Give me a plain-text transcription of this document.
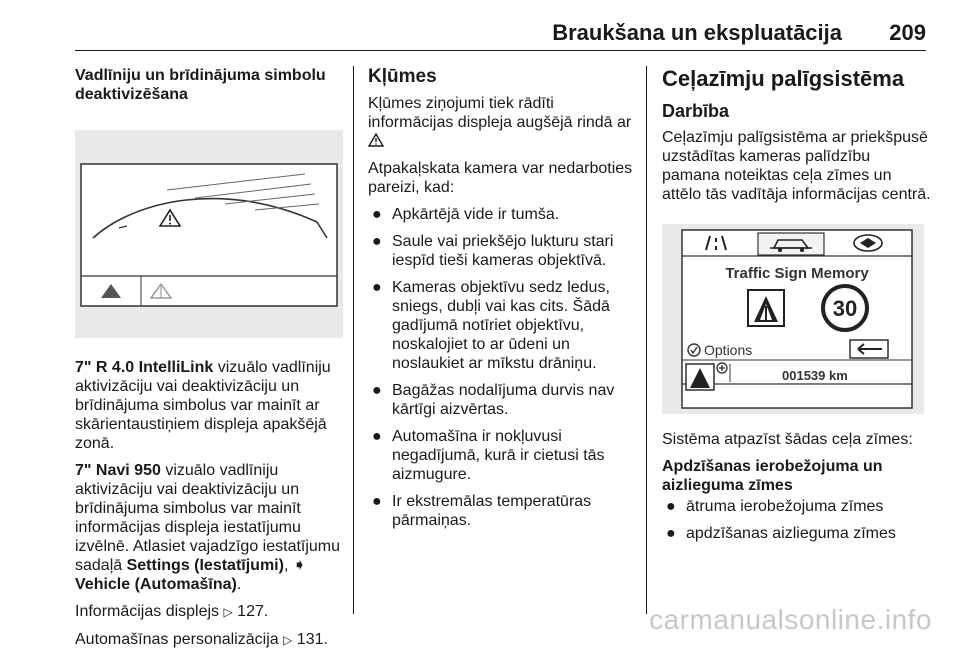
Braukšana un ekspluatācija 209
Vadlīniju un brīdinājuma simbolu deaktivizēšana

7" R 4.0 IntelliLink vizuālo vadlīniju aktivizāciju vai deaktivizāciju un brīdinājuma simbolus var mainīt ar skārientaustiņiem displeja apakšējā zonā.

7" Navi 950 vizuālo vadlīniju aktivizāciju vai deaktivizāciju un brīdinājuma simbolus var mainīt informācijas displeja iestatījumu izvēlnē. Atlasiet vajadzīgo iestatījumu sadaļā Settings (Iestatījumi), ➧ Vehicle (Automašīna).

Informācijas displejs ▷ 127.

Automašīnas personalizācija ▷ 131.

Kļūmes

Kļūmes ziņojumi tiek rādīti informācijas displeja augšējā rindā ar

Atpakaļskata kamera var nedarboties pareizi, kad:

● Apkārtējā vide ir tumša.
● Saule vai priekšējo lukturu stari iespīd tieši kameras objektīvā.
● Kameras objektīvu sedz ledus, sniegs, dubļi vai kas cits. Šādā gadījumā notīriet objektīvu, noskalojiet to ar ūdeni un noslaukiet ar mīkstu drāniņu.
● Bagāžas nodalījuma durvis nav kārtīgi aizvērtas.
● Automašīna ir nokļuvusi negadījumā, kurā ir cietusi tās aizmugure.
● Ir ekstremālas temperatūras pārmaiņas.
Ceļazīmju palīgsistēma
Darbība

Ceļazīmju palīgsistēma ar priekšpusē uzstādītas kameras palīdzību pamana noteiktas ceļa zīmes un attēlo tās vadītāja informācijas centrā.

Traffic Sign Memory
30
Options
001539 km

Sistēma atpazīst šādas ceļa zīmes:

Apdzīšanas ierobežojuma un aizlieguma zīmes
● ātruma ierobežojuma zīmes
● apdzīšanas aizlieguma zīmes
carmanualsonline.info
